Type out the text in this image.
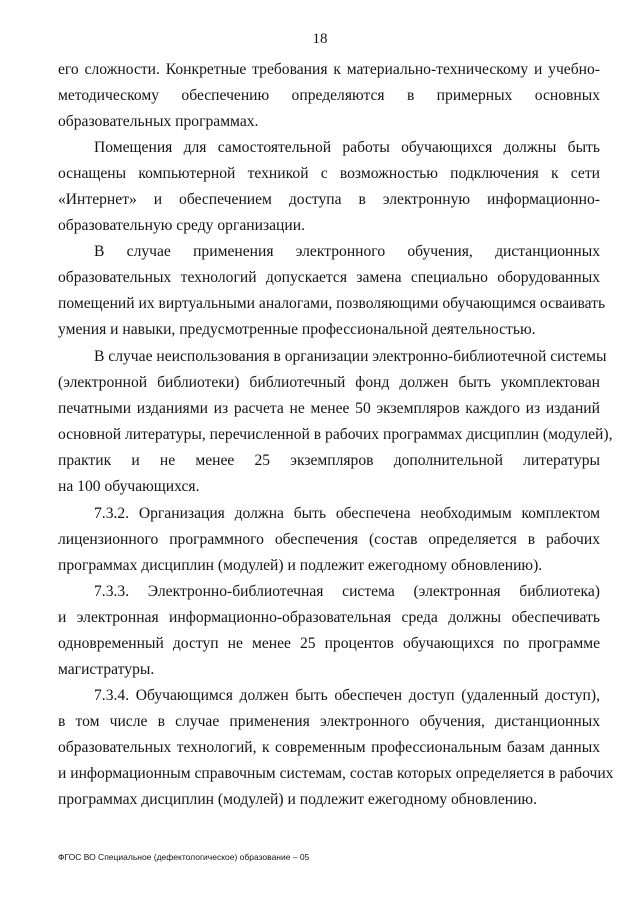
18
его сложности. Конкретные требования к материально-техническому и учебно-
методическому обеспечению определяются в примерных основных
образовательных программах.
Помещения для самостоятельной работы обучающихся должны быть
оснащены компьютерной техникой с возможностью подключения к сети
«Интернет» и обеспечением доступа в электронную информационно-
образовательную среду организации.
В случае применения электронного обучения, дистанционных
образовательных технологий допускается замена специально оборудованных
помещений их виртуальными аналогами, позволяющими обучающимся осваивать
умения и навыки, предусмотренные профессиональной деятельностью.
В случае неиспользования в организации электронно-библиотечной системы
(электронной библиотеки) библиотечный фонд должен быть укомплектован
печатными изданиями из расчета не менее 50 экземпляров каждого из изданий
основной литературы, перечисленной в рабочих программах дисциплин (модулей),
практик и не менее 25 экземпляров дополнительной литературы
на 100 обучающихся.
7.3.2. Организация должна быть обеспечена необходимым комплектом
лицензионного программного обеспечения (состав определяется в рабочих
программах дисциплин (модулей) и подлежит ежегодному обновлению).
7.3.3. Электронно-библиотечная система (электронная библиотека)
и электронная информационно-образовательная среда должны обеспечивать
одновременный доступ не менее 25 процентов обучающихся по программе
магистратуры.
7.3.4. Обучающимся должен быть обеспечен доступ (удаленный доступ),
в том числе в случае применения электронного обучения, дистанционных
образовательных технологий, к современным профессиональным базам данных
и информационным справочным системам, состав которых определяется в рабочих
программах дисциплин (модулей) и подлежит ежегодному обновлению.
ФГОС ВО Специальное (дефектологическое) образование – 05
